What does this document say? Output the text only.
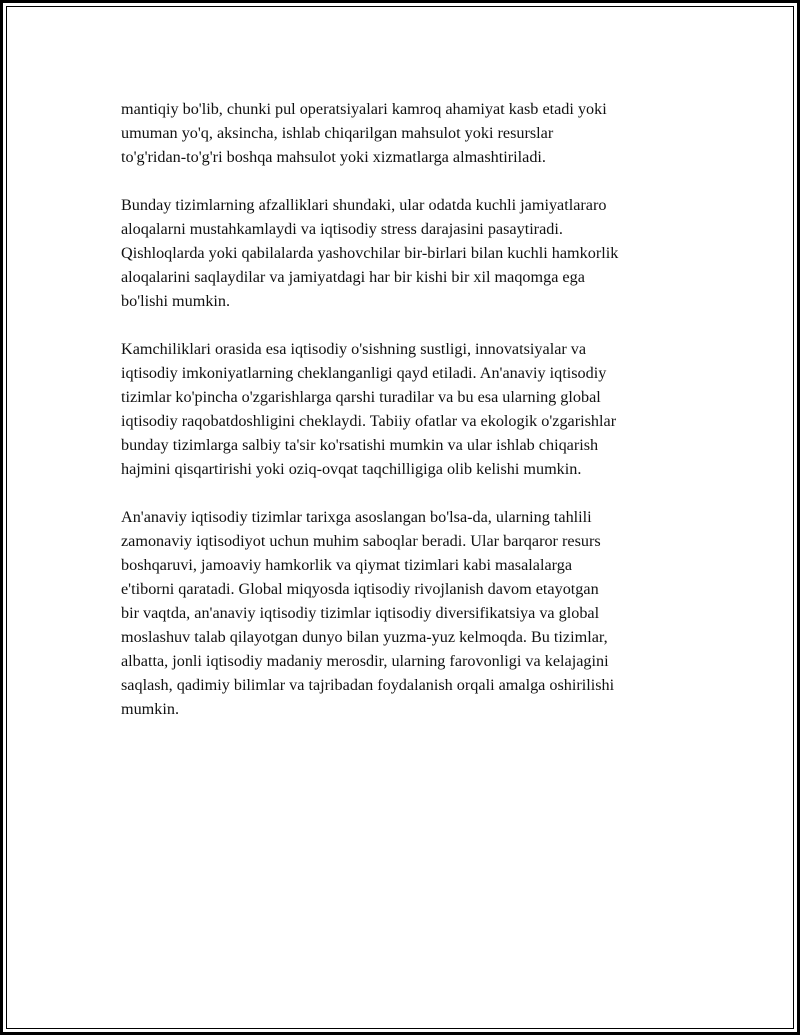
mantiqiy bo'lib, chunki pul operatsiyalari kamroq ahamiyat kasb etadi yoki
umuman yo'q, aksincha, ishlab chiqarilgan mahsulot yoki resurslar
to'g'ridan-to'g'ri boshqa mahsulot yoki xizmatlarga almashtiriladi.

Bunday tizimlarning afzalliklari shundaki, ular odatda kuchli jamiyatlararo
aloqalarni mustahkamlaydi va iqtisodiy stress darajasini pasaytiradi.
Qishloqlarda yoki qabilalarda yashovchilar bir-birlari bilan kuchli hamkorlik
aloqalarini saqlaydilar va jamiyatdagi har bir kishi bir xil maqomga ega
bo'lishi mumkin.

Kamchiliklari orasida esa iqtisodiy o'sishning sustligi, innovatsiyalar va
iqtisodiy imkoniyatlarning cheklanganligi qayd etiladi. An'anaviy iqtisodiy
tizimlar ko'pincha o'zgarishlarga qarshi turadilar va bu esa ularning global
iqtisodiy raqobatdoshligini cheklaydi. Tabiiy ofatlar va ekologik o'zgarishlar
bunday tizimlarga salbiy ta'sir ko'rsatishi mumkin va ular ishlab chiqarish
hajmini qisqartirishi yoki oziq-ovqat taqchilligiga olib kelishi mumkin.

An'anaviy iqtisodiy tizimlar tarixga asoslangan bo'lsa-da, ularning tahlili
zamonaviy iqtisodiyot uchun muhim saboqlar beradi. Ular barqaror resurs
boshqaruvi, jamoaviy hamkorlik va qiymat tizimlari kabi masalalarga
e'tiborni qaratadi. Global miqyosda iqtisodiy rivojlanish davom etayotgan
bir vaqtda, an'anaviy iqtisodiy tizimlar iqtisodiy diversifikatsiya va global
moslashuv talab qilayotgan dunyo bilan yuzma-yuz kelmoqda. Bu tizimlar,
albatta, jonli iqtisodiy madaniy merosdir, ularning farovonligi va kelajagini
saqlash, qadimiy bilimlar va tajribadan foydalanish orqali amalga oshirilishi
mumkin.
